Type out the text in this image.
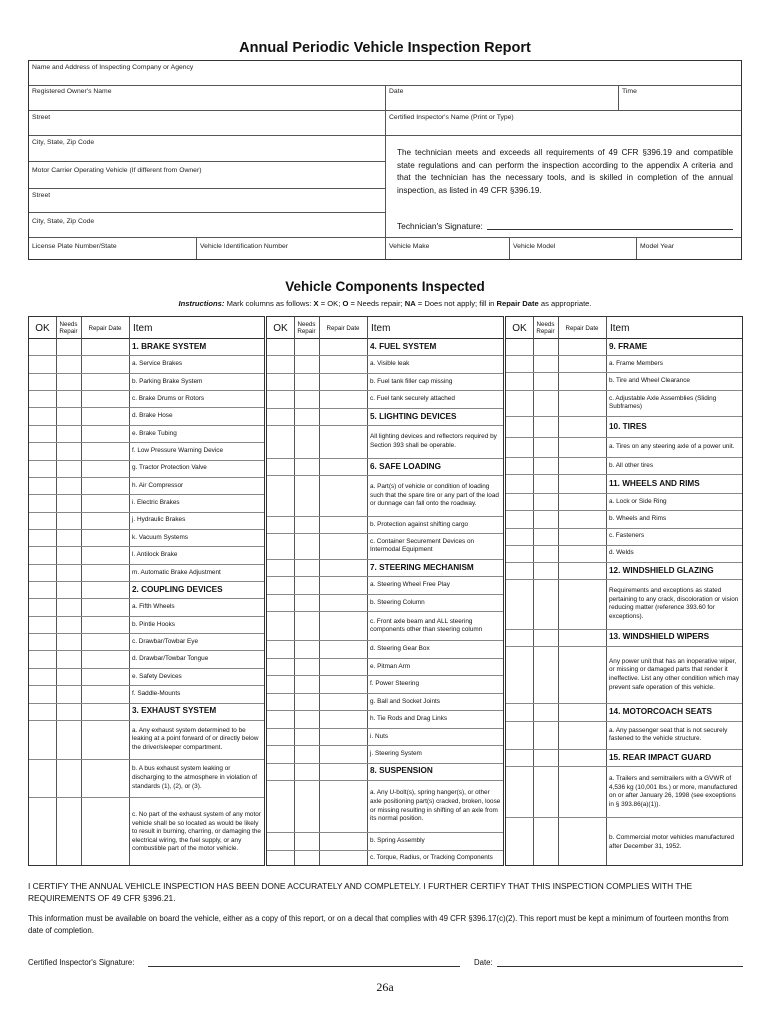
Annual Periodic Vehicle Inspection Report
Name and Address of Inspecting Company or Agency
Registered Owner's Name	Date	Time
Street	Certified Inspector's Name (Print or Type)
City, State, Zip Code
Motor Carrier Operating Vehicle (If different from Owner)
Street
City, State, Zip Code
License Plate Number/State	Vehicle Identification Number	Vehicle Make	Vehicle Model	Model Year
The technician meets and exceeds all requirements of 49 CFR §396.19 and compatible state regulations and can perform the inspection according to the appendix A criteria and that the technician has the necessary tools, and is skilled in completion of the annual inspection, as listed in 49 CFR §396.19.
Technician's Signature:
Vehicle Components Inspected
Instructions: Mark columns as follows: X = OK; O = Needs repair; NA = Does not apply; fill in Repair Date as appropriate.
OK	Needs Repair	Repair Date	Item
1. BRAKE SYSTEM
a. Service Brakes
b. Parking Brake System
c. Brake Drums or Rotors
d. Brake Hose
e. Brake Tubing
f. Low Pressure Warning Device
g. Tractor Protection Valve
h. Air Compressor
i. Electric Brakes
j. Hydraulic Brakes
k. Vacuum Systems
l. Antilock Brake
m. Automatic Brake Adjustment
2. COUPLING DEVICES
a. Fifth Wheels
b. Pintle Hooks
c. Drawbar/Towbar Eye
d. Drawbar/Towbar Tongue
e. Safety Devices
f. Saddle-Mounts
3. EXHAUST SYSTEM
a. Any exhaust system determined to be leaking at a point forward of or directly below the driver/sleeper compartment.
b. A bus exhaust system leaking or discharging to the atmosphere in violation of standards (1), (2), or (3).
c. No part of the exhaust system of any motor vehicle shall be so located as would be likely to result in burning, charring, or damaging the electrical wiring, the fuel supply, or any combustible part of the motor vehicle.
OK	Needs Repair	Repair Date	Item
4. FUEL SYSTEM
a. Visible leak
b. Fuel tank filler cap missing
c. Fuel tank securely attached
5. LIGHTING DEVICES
All lighting devices and reflectors required by Section 393 shall be operable.
6. SAFE LOADING
a. Part(s) of vehicle or condition of loading such that the spare tire or any part of the load or dunnage can fall onto the roadway.
b. Protection against shifting cargo
c. Container Securement Devices on Intermodal Equipment
7. STEERING MECHANISM
a. Steering Wheel Free Play
b. Steering Column
c. Front axle beam and ALL steering components other than steering column
d. Steering Gear Box
e. Pitman Arm
f. Power Steering
g. Ball and Socket Joints
h. Tie Rods and Drag Links
i. Nuts
j. Steering System
8. SUSPENSION
a. Any U-bolt(s), spring hanger(s), or other axle positioning part(s) cracked, broken, loose or missing resulting in shifting of an axle from its normal position.
b. Spring Assembly
c. Torque, Radius, or Tracking Components
OK	Needs Repair	Repair Date	Item
9. FRAME
a. Frame Members
b. Tire and Wheel Clearance
c. Adjustable Axle Assemblies (Sliding Subframes)
10. TIRES
a. Tires on any steering axle of a power unit.
b. All other tires
11. WHEELS AND RIMS
a. Lock or Side Ring
b. Wheels and Rims
c. Fasteners
d. Welds
12. WINDSHIELD GLAZING
Requirements and exceptions as stated pertaining to any crack, discoloration or vision reducing matter (reference 393.60 for exceptions).
13. WINDSHIELD WIPERS
Any power unit that has an inoperative wiper, or missing or damaged parts that render it ineffective. List any other condition which may prevent safe operation of this vehicle.
14. MOTORCOACH SEATS
a. Any passenger seat that is not securely fastened to the vehicle structure.
15. REAR IMPACT GUARD
a. Trailers and semitrailers with a GVWR of 4,536 kg (10,001 lbs.) or more, manufactured on or after January 26, 1998 (see exceptions in § 393.86(a)(1)).
b. Commercial motor vehicles manufactured after December 31, 1952.
I CERTIFY THE ANNUAL VEHICLE INSPECTION HAS BEEN DONE ACCURATELY AND COMPLETELY. I FURTHER CERTIFY THAT THIS INSPECTION COMPLIES WITH THE REQUIREMENTS OF 49 CFR §396.21.
This information must be available on board the vehicle, either as a copy of this report, or on a decal that complies with 49 CFR §396.17(c)(2). This report must be kept a minimum of fourteen months from date of completion.
Certified Inspector's Signature:	Date:
26a
